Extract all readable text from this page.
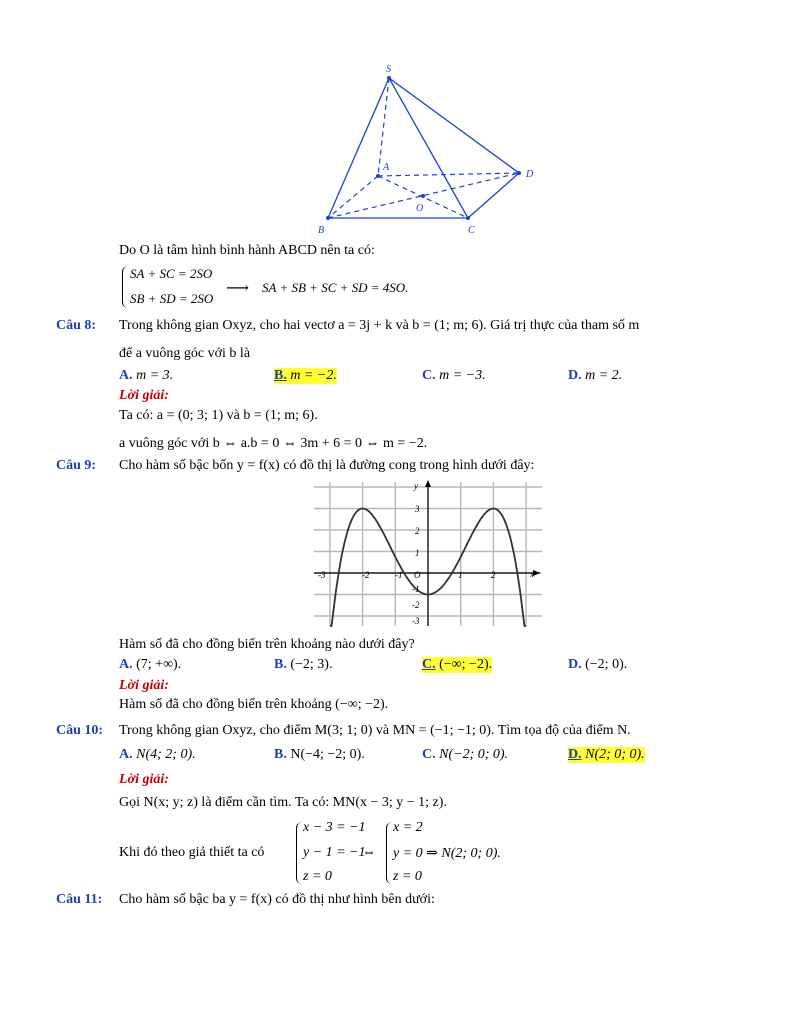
S
A
D
O
B	C
Do O là tâm hình bình hành ABCD nên ta có:
SA + SC = 2SO
SB + SD = 2SO
⟶ SA + SB + SC + SD = 4SO.
Câu 8: Trong không gian Oxyz, cho hai vectơ a = 3j + k và b = (1; m; 6). Giá trị thực của tham số m
để a vuông góc với b là
A. m = 3.	B. m = −2.	C. m = −3.	D. m = 2.
Lời giải:
Ta có: a = (0; 3; 1) và b = (1; m; 6).
a vuông góc với b ⇔ a.b = 0 ⇔ 3m + 6 = 0 ⇔ m = −2.
Câu 9: Cho hàm số bậc bốn y = f(x) có đồ thị là đường cong trong hình dưới đây:
-3	-2	-1 O	1	2	x
y
3
2
1
-1
-2
-3
Hàm số đã cho đồng biến trên khoảng nào dưới đây?
A. (7; +∞).	B. (−2; 3).	C. (−∞; −2).	D. (−2; 0).
Lời giải:
Hàm số đã cho đồng biến trên khoảng (−∞; −2).
Câu 10: Trong không gian Oxyz, cho điểm M(3; 1; 0) và MN = (−1; −1; 0). Tìm tọa độ của điểm N.
A. N(4; 2; 0).	B. N(−4; −2; 0).	C. N(−2; 0; 0).	D. N(2; 0; 0).
Lời giải:
Gọi N(x; y; z) là điểm cần tìm. Ta có: MN(x − 3; y − 1; z).
Khi đó theo giả thiết ta có
x − 3 = −1
y − 1 = −1
z = 0
⇔
x = 2
y = 0 ⇒ N(2; 0; 0).
z = 0
Câu 11: Cho hàm số bậc ba y = f(x) có đồ thị như hình bên dưới:
